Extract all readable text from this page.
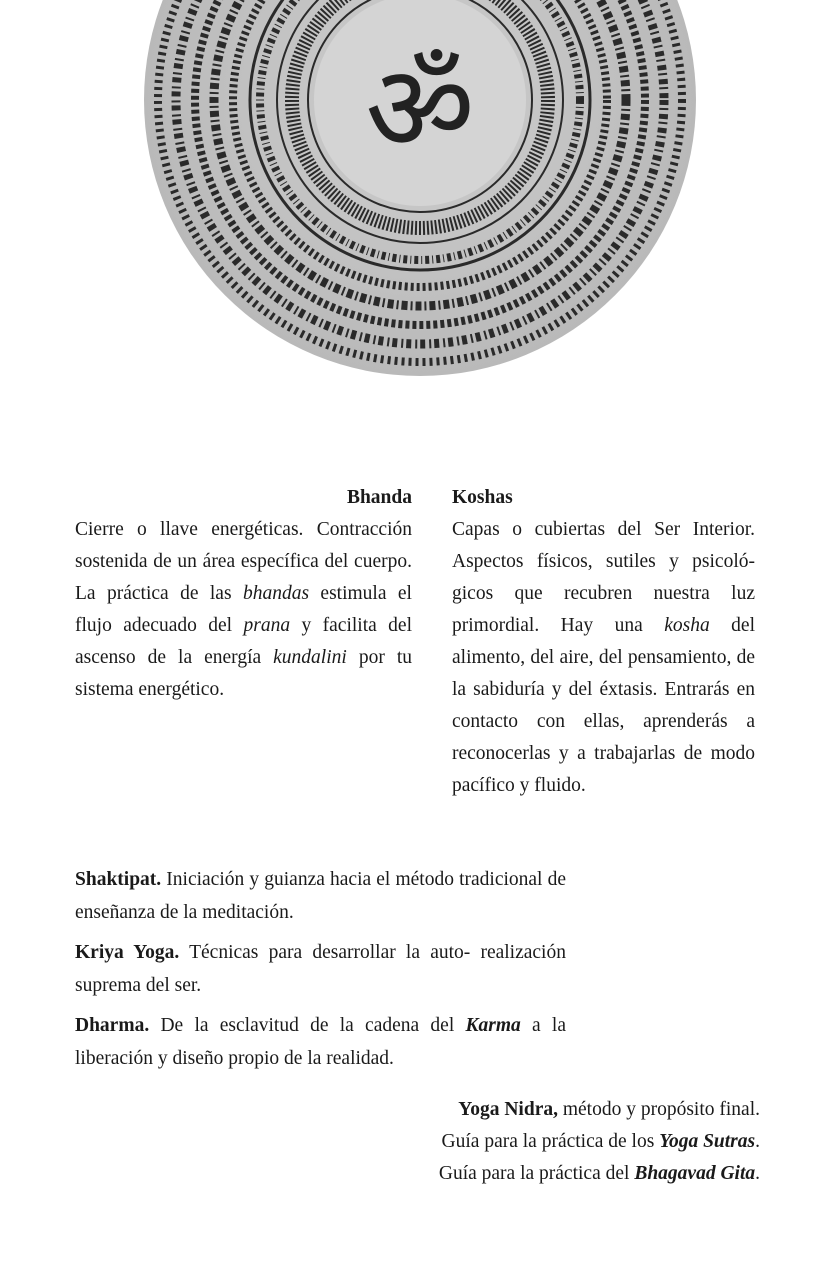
ॐ
Bhanda
Cierre o llave energéticas. Contracción sostenida de un área específica del cuerpo. La práctica de las bhandas estimula el flujo adecuado del prana y facilita del ascenso de la energía kundalini por tu sistema energético.
Koshas
Capas o cubiertas del Ser Interior. Aspectos físicos, sutiles y psicoló- gicos que recubren nuestra luz primordial. Hay una kosha del alimento, del aire, del pensamiento, de la sabiduría y del éxtasis. Entrarás en contacto con ellas, aprenderás a reconocerlas y a trabajarlas de modo pacífico y fluido.

Shaktipat. Iniciación y guianza hacia el método tradicional de enseñanza de la meditación.

Kriya Yoga. Técnicas para desarrollar la auto- realización suprema del ser.

Dharma. De la esclavitud de la cadena del Karma a la liberación y diseño propio de la realidad.

Yoga Nidra, método y propósito final.
Guía para la práctica de los Yoga Sutras.
Guía para la práctica del Bhagavad Gita.
